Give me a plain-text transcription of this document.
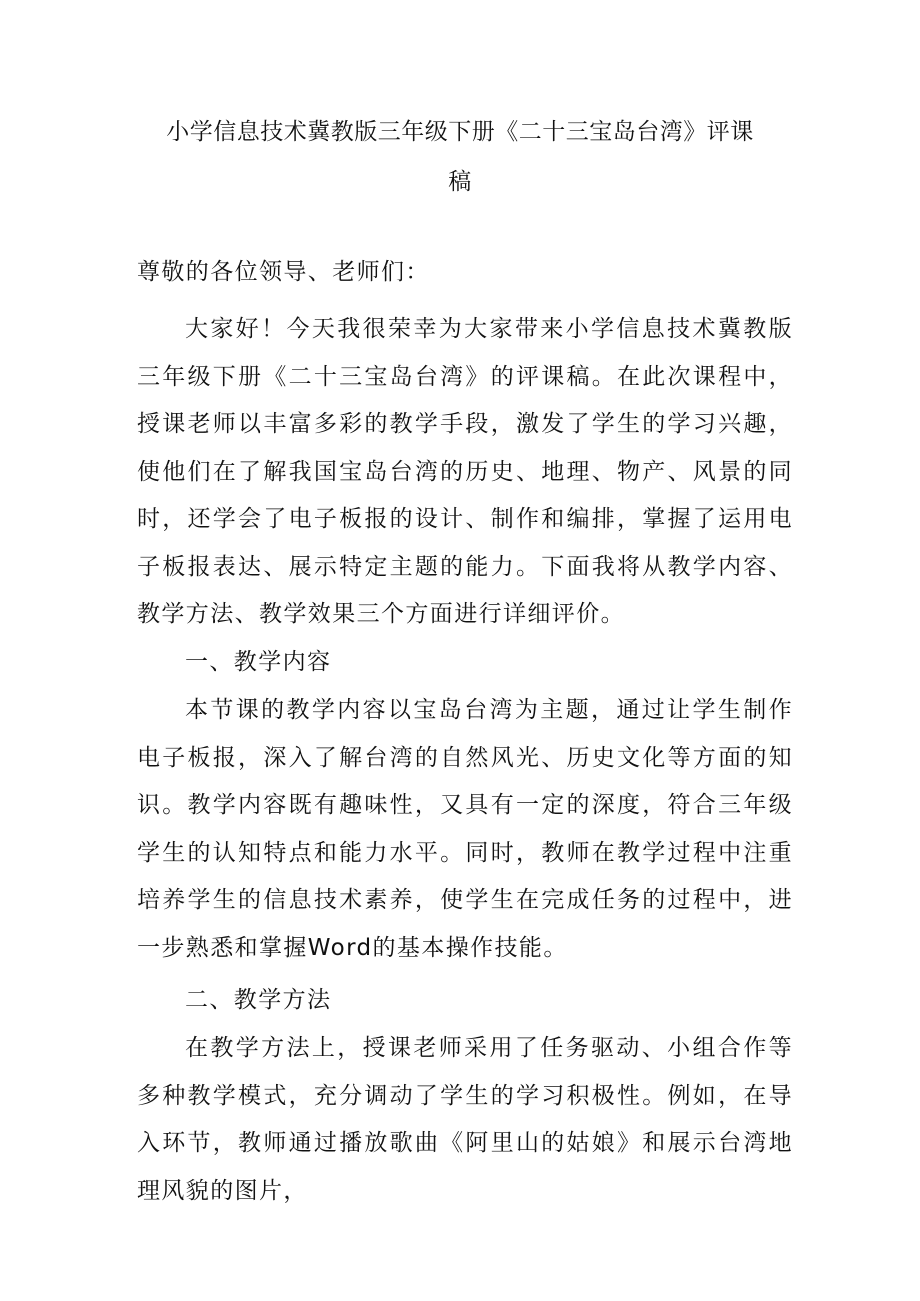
小学信息技术冀教版三年级下册《二十三宝岛台湾》评课
稿
尊敬的各位领导、老师们：
大家好！今天我很荣幸为大家带来小学信息技术冀教版三年级下册《二十三宝岛台湾》的评课稿。在此次课程中，授课老师以丰富多彩的教学手段，激发了学生的学习兴趣，使他们在了解我国宝岛台湾的历史、地理、物产、风景的同时，还学会了电子板报的设计、制作和编排，掌握了运用电子板报表达、展示特定主题的能力。下面我将从教学内容、教学方法、教学效果三个方面进行详细评价。
一、教学内容
本节课的教学内容以宝岛台湾为主题，通过让学生制作电子板报，深入了解台湾的自然风光、历史文化等方面的知识。教学内容既有趣味性，又具有一定的深度，符合三年级学生的认知特点和能力水平。同时，教师在教学过程中注重培养学生的信息技术素养，使学生在完成任务的过程中，进一步熟悉和掌握Word的基本操作技能。
二、教学方法
在教学方法上，授课老师采用了任务驱动、小组合作等多种教学模式，充分调动了学生的学习积极性。例如，在导入环节，教师通过播放歌曲《阿里山的姑娘》和展示台湾地理风貌的图片，
